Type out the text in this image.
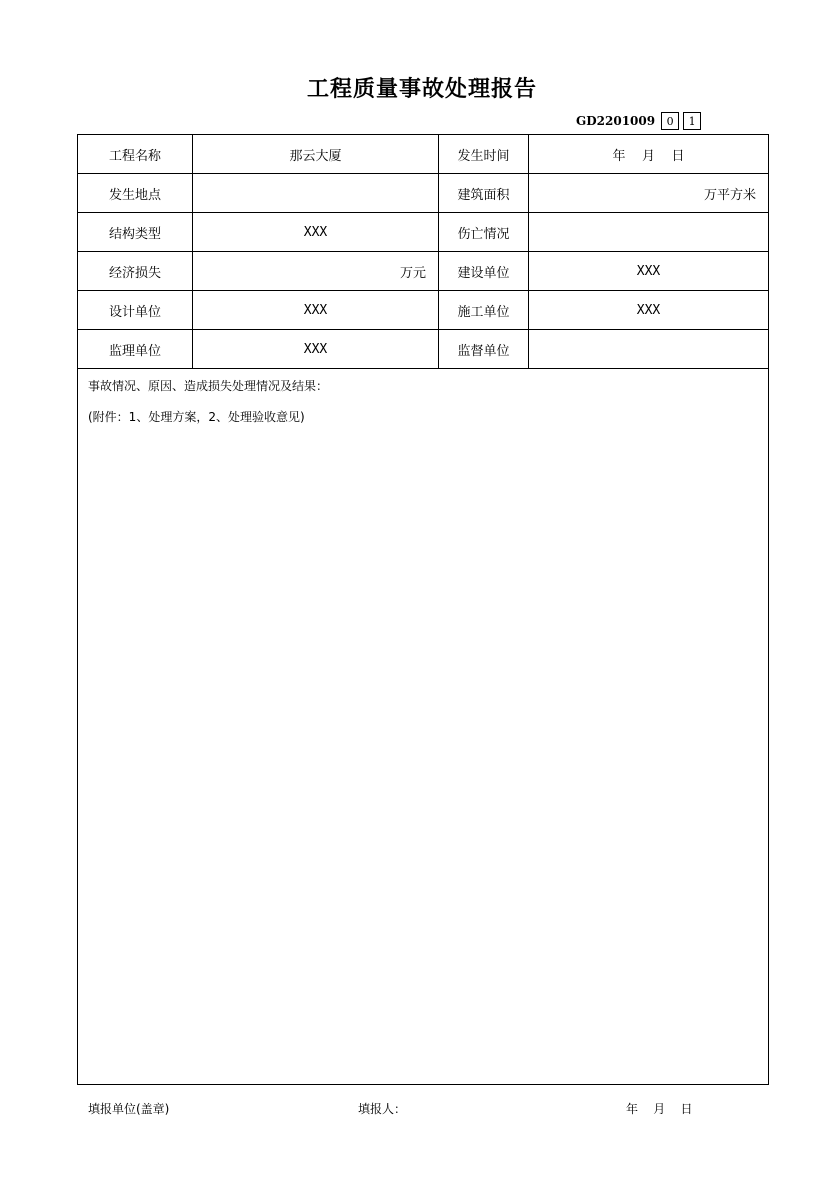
工程质量事故处理报告
GD2201009	0	1
工程名称	那云大厦	发生时间	年    月    日
发生地点		建筑面积	万平方米
结构类型	XXX	伤亡情况	
经济损失	万元	建设单位	XXX
设计单位	XXX	施工单位	XXX
监理单位	XXX	监督单位	

事故情况、原因、造成损失处理情况及结果：

(附件：1、处理方案，2、处理验收意见)			

填报单位(盖章)	填报人：	年    月    日
